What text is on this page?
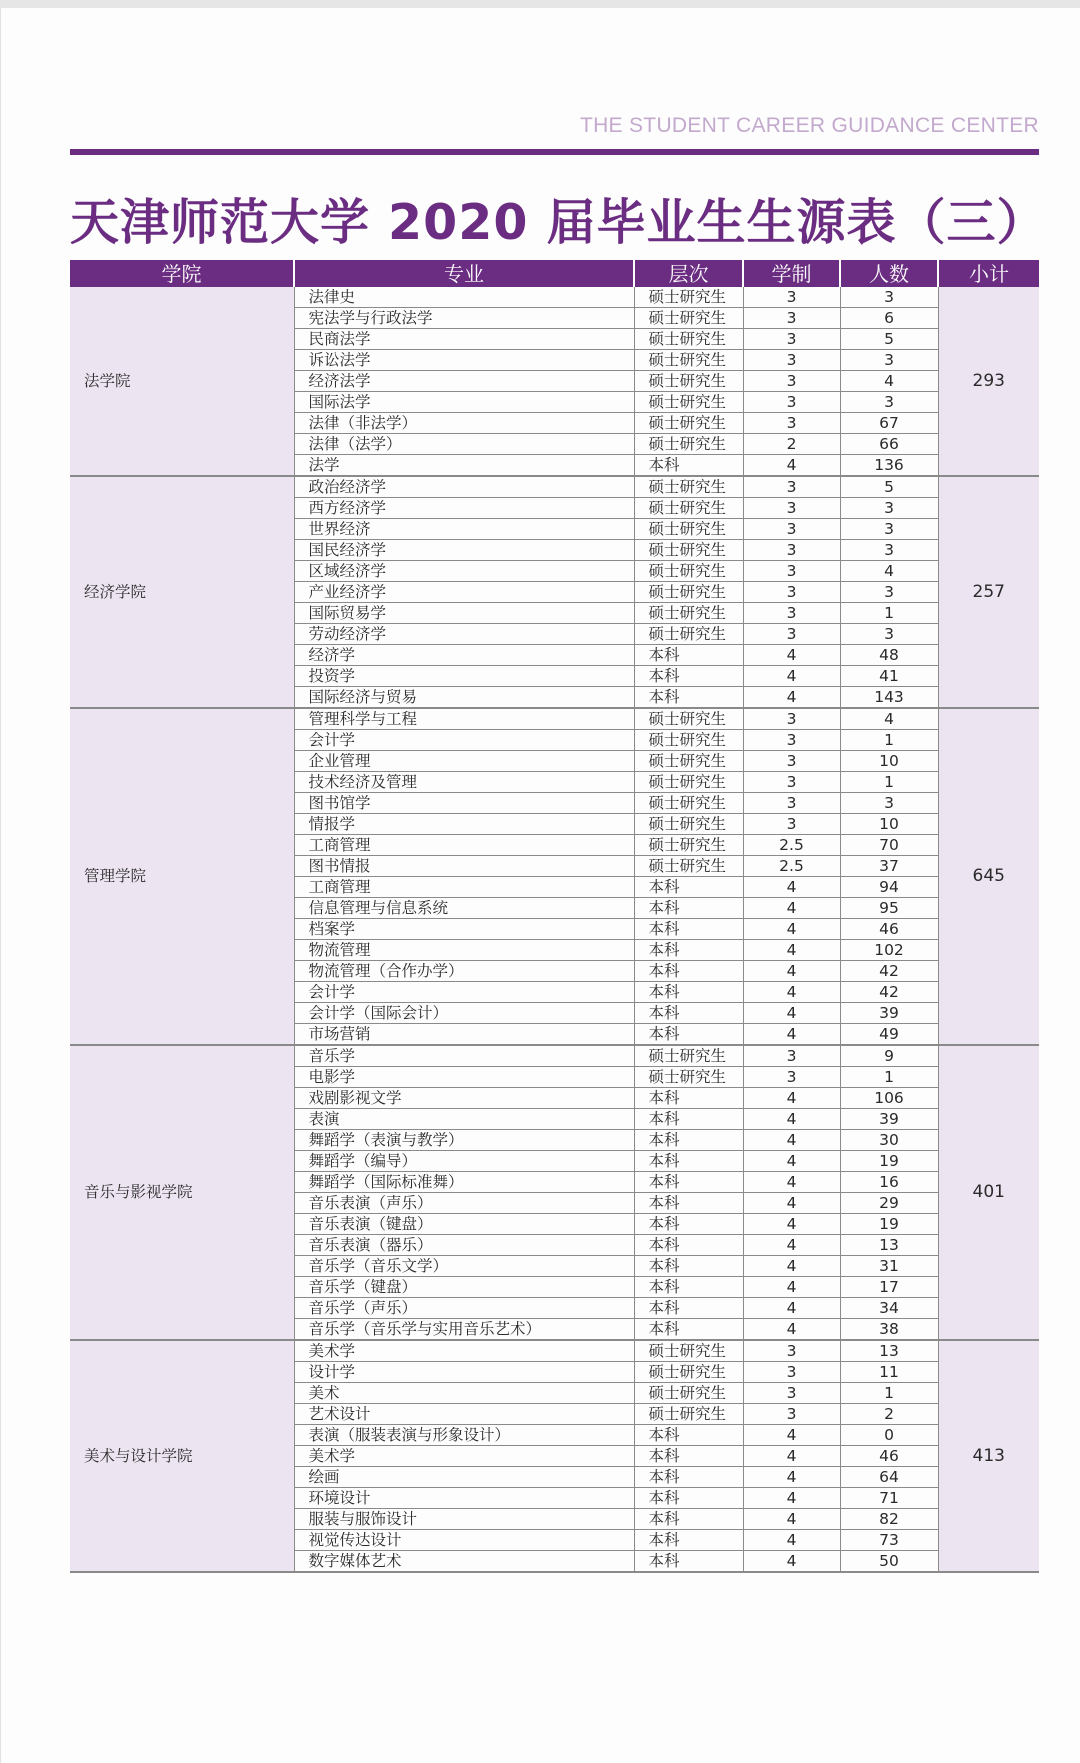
THE STUDENT CAREER GUIDANCE CENTER
天津师范大学 2020 届毕业生生源表（三）
学院	专业	层次	学制	人数	小计
法学院	法律史	硕士研究生	3	3	293
	宪法学与行政法学	硕士研究生	3	6	
	民商法学	硕士研究生	3	5	
	诉讼法学	硕士研究生	3	3	
	经济法学	硕士研究生	3	4	
	国际法学	硕士研究生	3	3	
	法律（非法学）	硕士研究生	3	67	
	法律（法学）	硕士研究生	2	66	
	法学	本科	4	136	
经济学院	政治经济学	硕士研究生	3	5	257
	西方经济学	硕士研究生	3	3	
	世界经济	硕士研究生	3	3	
	国民经济学	硕士研究生	3	3	
	区域经济学	硕士研究生	3	4	
	产业经济学	硕士研究生	3	3	
	国际贸易学	硕士研究生	3	1	
	劳动经济学	硕士研究生	3	3	
	经济学	本科	4	48	
	投资学	本科	4	41	
	国际经济与贸易	本科	4	143	
管理学院	管理科学与工程	硕士研究生	3	4	645
	会计学	硕士研究生	3	1	
	企业管理	硕士研究生	3	10	
	技术经济及管理	硕士研究生	3	1	
	图书馆学	硕士研究生	3	3	
	情报学	硕士研究生	3	10	
	工商管理	硕士研究生	2.5	70	
	图书情报	硕士研究生	2.5	37	
	工商管理	本科	4	94	
	信息管理与信息系统	本科	4	95	
	档案学	本科	4	46	
	物流管理	本科	4	102	
	物流管理（合作办学）	本科	4	42	
	会计学	本科	4	42	
	会计学（国际会计）	本科	4	39	
	市场营销	本科	4	49	
音乐与影视学院	音乐学	硕士研究生	3	9	401
	电影学	硕士研究生	3	1	
	戏剧影视文学	本科	4	106	
	表演	本科	4	39	
	舞蹈学（表演与教学）	本科	4	30	
	舞蹈学（编导）	本科	4	19	
	舞蹈学（国际标准舞）	本科	4	16	
	音乐表演（声乐）	本科	4	29	
	音乐表演（键盘）	本科	4	19	
	音乐表演（器乐）	本科	4	13	
	音乐学（音乐文学）	本科	4	31	
	音乐学（键盘）	本科	4	17	
	音乐学（声乐）	本科	4	34	
	音乐学（音乐学与实用音乐艺术）	本科	4	38	
美术与设计学院	美术学	硕士研究生	3	13	413
	设计学	硕士研究生	3	11	
	美术	硕士研究生	3	1	
	艺术设计	硕士研究生	3	2	
	表演（服装表演与形象设计）	本科	4	0	
	美术学	本科	4	46	
	绘画	本科	4	64	
	环境设计	本科	4	71	
	服装与服饰设计	本科	4	82	
	视觉传达设计	本科	4	73	
	数字媒体艺术	本科	4	50	
